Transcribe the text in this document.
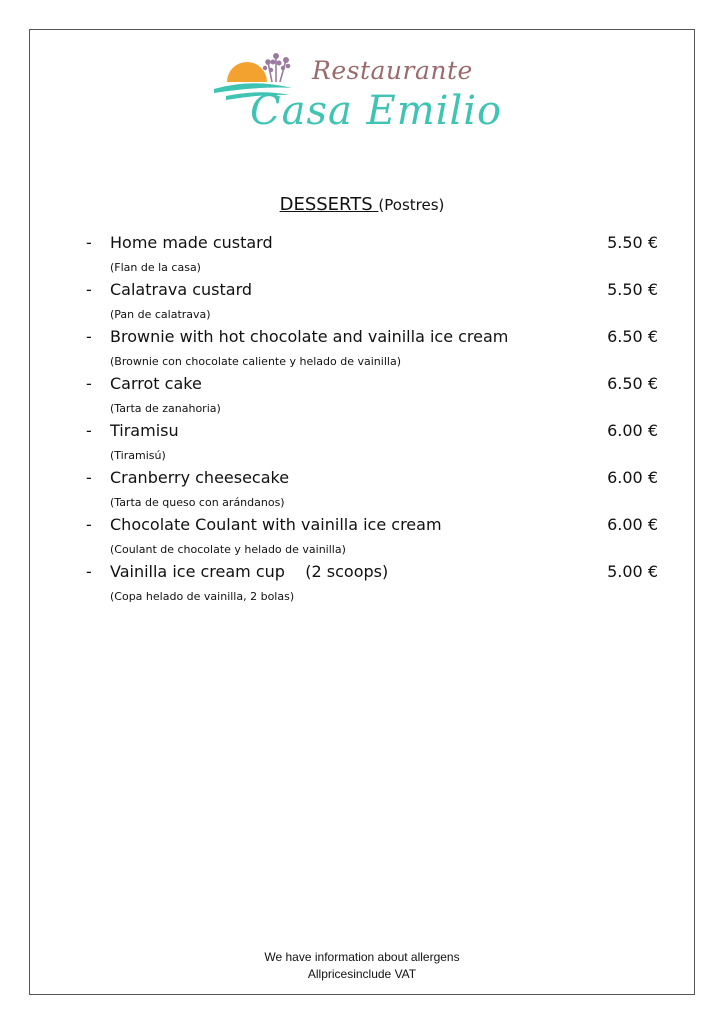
Restaurante
Casa Emilio
DESSERTS (Postres)
- Home made custard	5.50 €
(Flan de la casa)
- Calatrava custard	5.50 €
(Pan de calatrava)
- Brownie with hot chocolate and vainilla ice cream	6.50 €
(Brownie con chocolate caliente y helado de vainilla)
- Carrot cake	6.50 €
(Tarta de zanahoria)
- Tiramisu	6.00 €
(Tiramisú)
- Cranberry cheesecake	6.00 €
(Tarta de queso con arándanos)
- Chocolate Coulant with vainilla ice cream	6.00 €
(Coulant de chocolate y helado de vainilla)
- Vainilla ice cream cup    (2 scoops)	5.00 €
(Copa helado de vainilla, 2 bolas)
We have information about allergens
Allpricesinclude VAT
